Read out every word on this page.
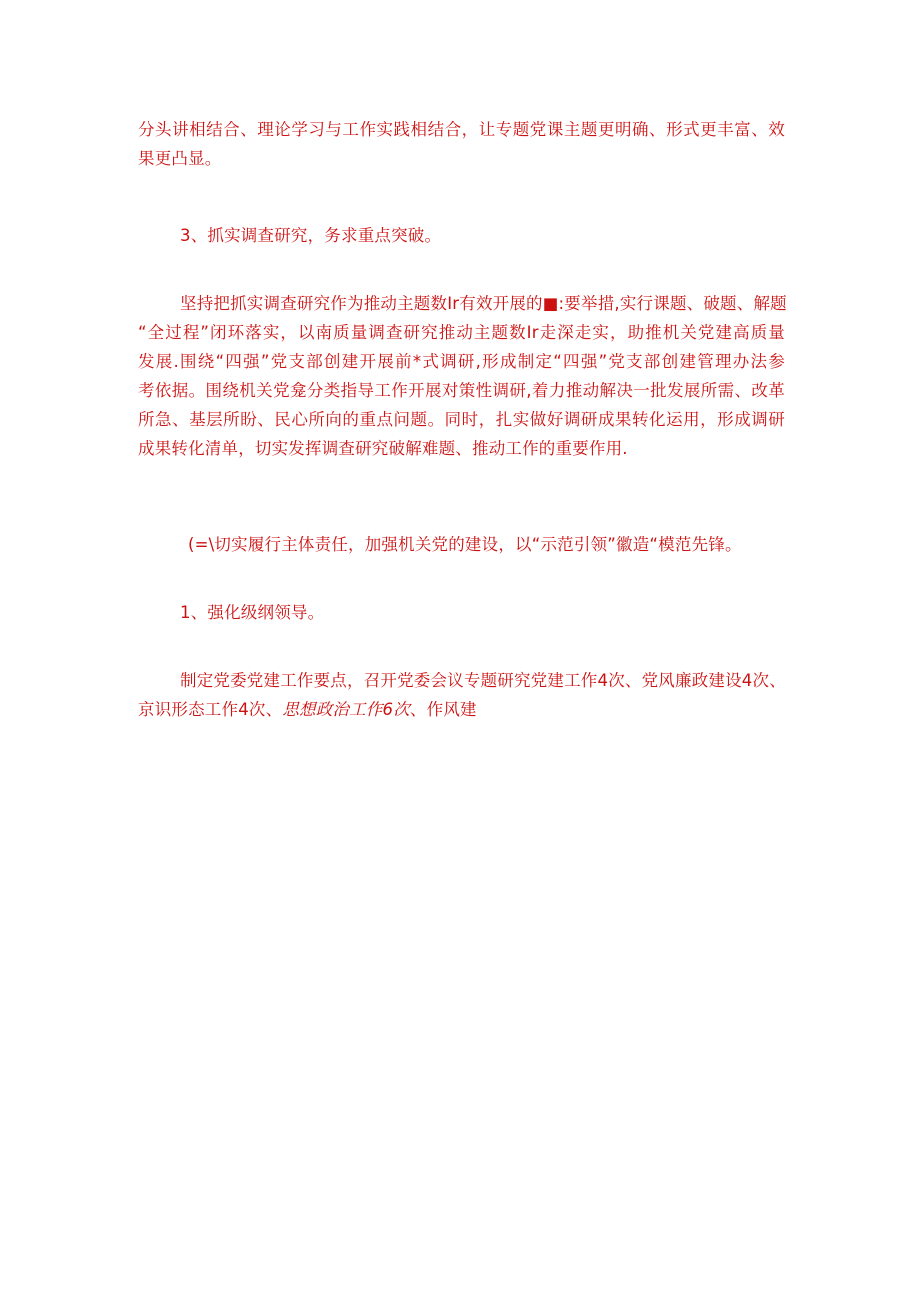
分头讲相结合、理论学习与工作实践相结合，让专题党课主题更明确、形式更丰富、效
果更凸显。
3、抓实调查研究，务求重点突破。
坚持把抓实调查研究作为推动主题数Ir有效开展的■:要举措,实行课题、破题、解题
“全过程”闭环落实，以南质量调查研究推动主题数Ir走深走实，助推机关党建高质量
发展.围绕“四强”党支部创建开展前*式调研,形成制定“四强”党支部创建管理办法参
考依据。围绕机关党龛分类指导工作开展对策性调研,着力推动解决一批发展所需、改革
所急、基层所盼、民心所向的重点问题。同时，扎实做好调研成果转化运用，形成调研
成果转化清单，切实发挥调查研究破解难题、推动工作的重要作用.
(=\切实履行主体责任，加强机关党的建设，以“示范引领”徽造“模范先锋。
1、强化级纲领导。
制定党委党建工作要点，召开党委会议专题研究党建工作4次、党风廉政建设4次、
京识形态工作4次、思想政治工作6次、作风建
